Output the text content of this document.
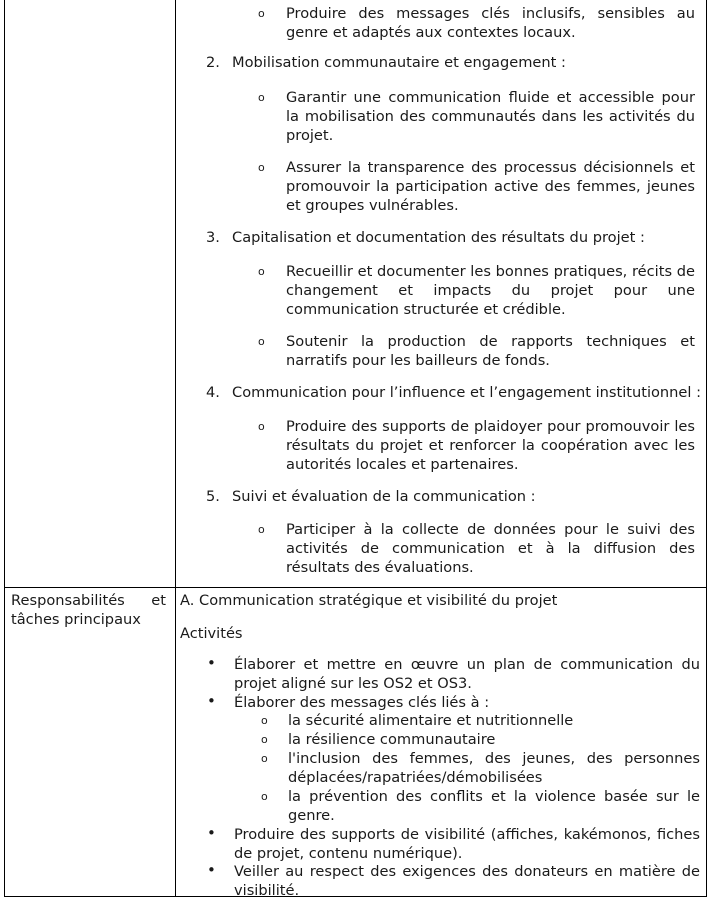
o Produire des messages clés inclusifs, sensibles au genre et adaptés aux contextes locaux.
2. Mobilisation communautaire et engagement :
o Garantir une communication fluide et accessible pour la mobilisation des communautés dans les activités du projet.
o Assurer la transparence des processus décisionnels et promouvoir la participation active des femmes, jeunes et groupes vulnérables.
3. Capitalisation et documentation des résultats du projet :
o Recueillir et documenter les bonnes pratiques, récits de changement et impacts du projet pour une communication structurée et crédible.
o Soutenir la production de rapports techniques et narratifs pour les bailleurs de fonds.
4. Communication pour l’influence et l’engagement institutionnel :
o Produire des supports de plaidoyer pour promouvoir les résultats du projet et renforcer la coopération avec les autorités locales et partenaires.
5. Suivi et évaluation de la communication :
o Participer à la collecte de données pour le suivi des activités de communication et à la diffusion des résultats des évaluations.
Responsabilités et tâches principaux
A. Communication stratégique et visibilité du projet
Activités
• Élaborer et mettre en œuvre un plan de communication du projet aligné sur les OS2 et OS3.
• Élaborer des messages clés liés à :
o la sécurité alimentaire et nutritionnelle
o la résilience communautaire
o l'inclusion des femmes, des jeunes, des personnes déplacées/rapatriées/démobilisées
o la prévention des conflits et la violence basée sur le genre.
• Produire des supports de visibilité (affiches, kakémonos, fiches de projet, contenu numérique).
• Veiller au respect des exigences des donateurs en matière de visibilité.
